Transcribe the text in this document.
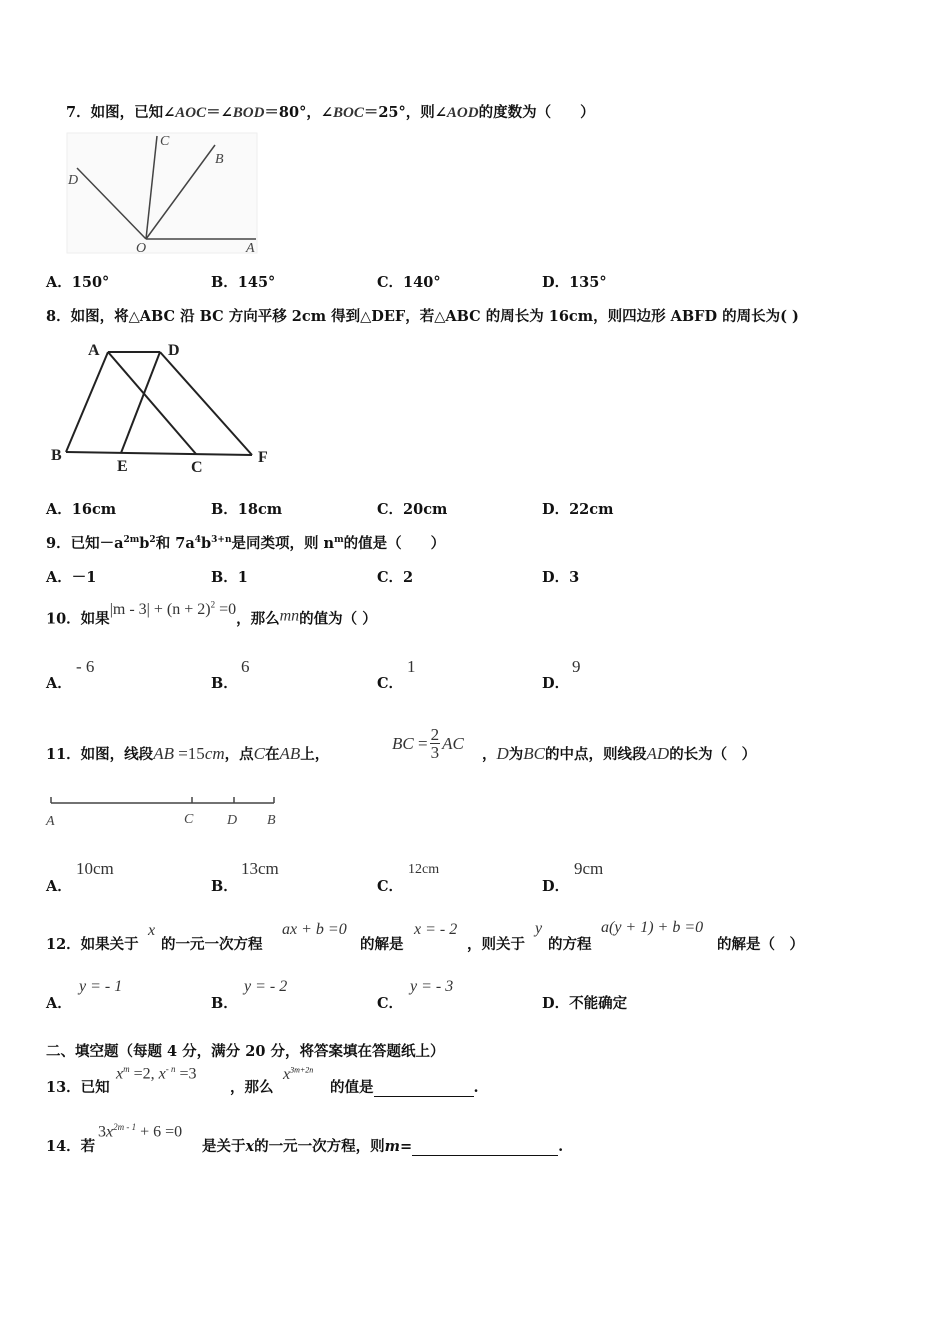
7．如图，已知∠AOC＝∠BOD＝80°，∠BOC＝25°，则∠AOD的度数为（　　）
C
B
D
O	A
A．150°	B．145°	C．140°	D．135°
8．如图，将△ABC 沿 BC 方向平移 2cm 得到△DEF，若△ABC 的周长为 16cm，则四边形 ABFD 的周长为( )
A	D
B
E	C
F
A．16cm	B．18cm	C．20cm	D．22cm
9．已知$-a^{2m}b^2$和 $7a^4b^{3+n}$是同类项，则 $n^m$的值是（　　）
A．－1	B．1	C．2	D．3
10．如果$|m - 3| + (n + 2)^2 =0$，那么mn的值为（ ）
A．
- 6
B．
6
C．
1
D．
9
11．如图，线段AB =15cm，点C在AB上，
BC = $\frac{2}{3}$ AC
，D为BC的中点，则线段AD的长为（　）
A	C D B
A．
10cm
B．
13cm
C．
12cm
D．
9cm
12．如果关于
x
的一元一次方程
ax + b =0
的解是
x = - 2
，则关于
y
的方程
a(y + 1) + b =0
的解是（　）
A．
y = - 1
B．
y = - 2
C．
y = - 3
D．不能确定
二、填空题（每题 4 分，满分 20 分，将答案填在答题纸上）
13．已知
$x^m =2$, $x^{- n} =3$
，那么
$x^{3m+2n}$
的值是	.
14．若
$3x^{2m - 1} + 6 =0$
是关于x的一元一次方程，则m=	.
